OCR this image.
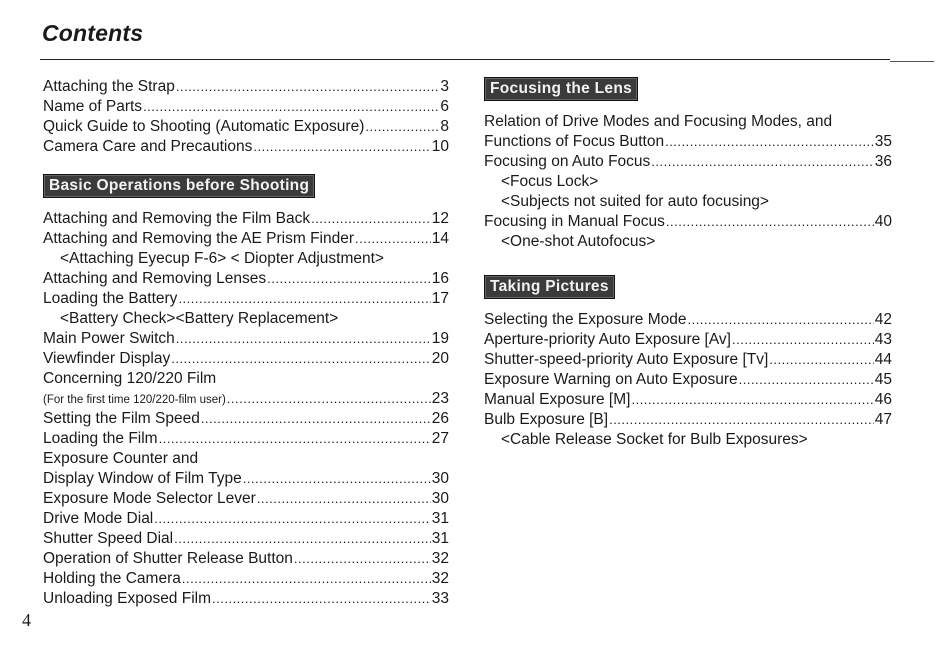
Contents
Attaching the Strap .....	3
Name of Parts .....	6
Quick Guide to Shooting (Automatic Exposure) .....	8
Camera Care and Precautions .....	10
Basic Operations before Shooting
Attaching and Removing the Film Back .....	12
Attaching and Removing the AE Prism Finder .....	14
<Attaching Eyecup F-6> < Diopter Adjustment>
Attaching and Removing Lenses .....	16
Loading the Battery .....	17
<Battery Check><Battery Replacement>
Main Power Switch .....	19
Viewfinder Display .....	20
Concerning 120/220 Film
(For the first time 120/220-film user) .....	23
Setting the Film Speed .....	26
Loading the Film .....	27
Exposure Counter and
Display Window of Film Type .....	30
Exposure Mode Selector Lever .....	30
Drive Mode Dial .....	31
Shutter Speed Dial .....	31
Operation of Shutter Release Button .....	32
Holding the Camera .....	32
Unloading Exposed Film .....	33
Focusing the Lens
Relation of Drive Modes and Focusing Modes, and
Functions of Focus Button .....	35
Focusing on Auto Focus .....	36
<Focus Lock>
<Subjects not suited for auto focusing>
Focusing in Manual Focus .....	40
<One-shot Autofocus>
Taking Pictures
Selecting the Exposure Mode .....	42
Aperture-priority Auto Exposure [Av] .....	43
Shutter-speed-priority Auto Exposure [Tv] .....	44
Exposure Warning on Auto Exposure .....	45
Manual Exposure [M] .....	46
Bulb Exposure [B] .....	47
<Cable Release Socket for Bulb Exposures>
4
